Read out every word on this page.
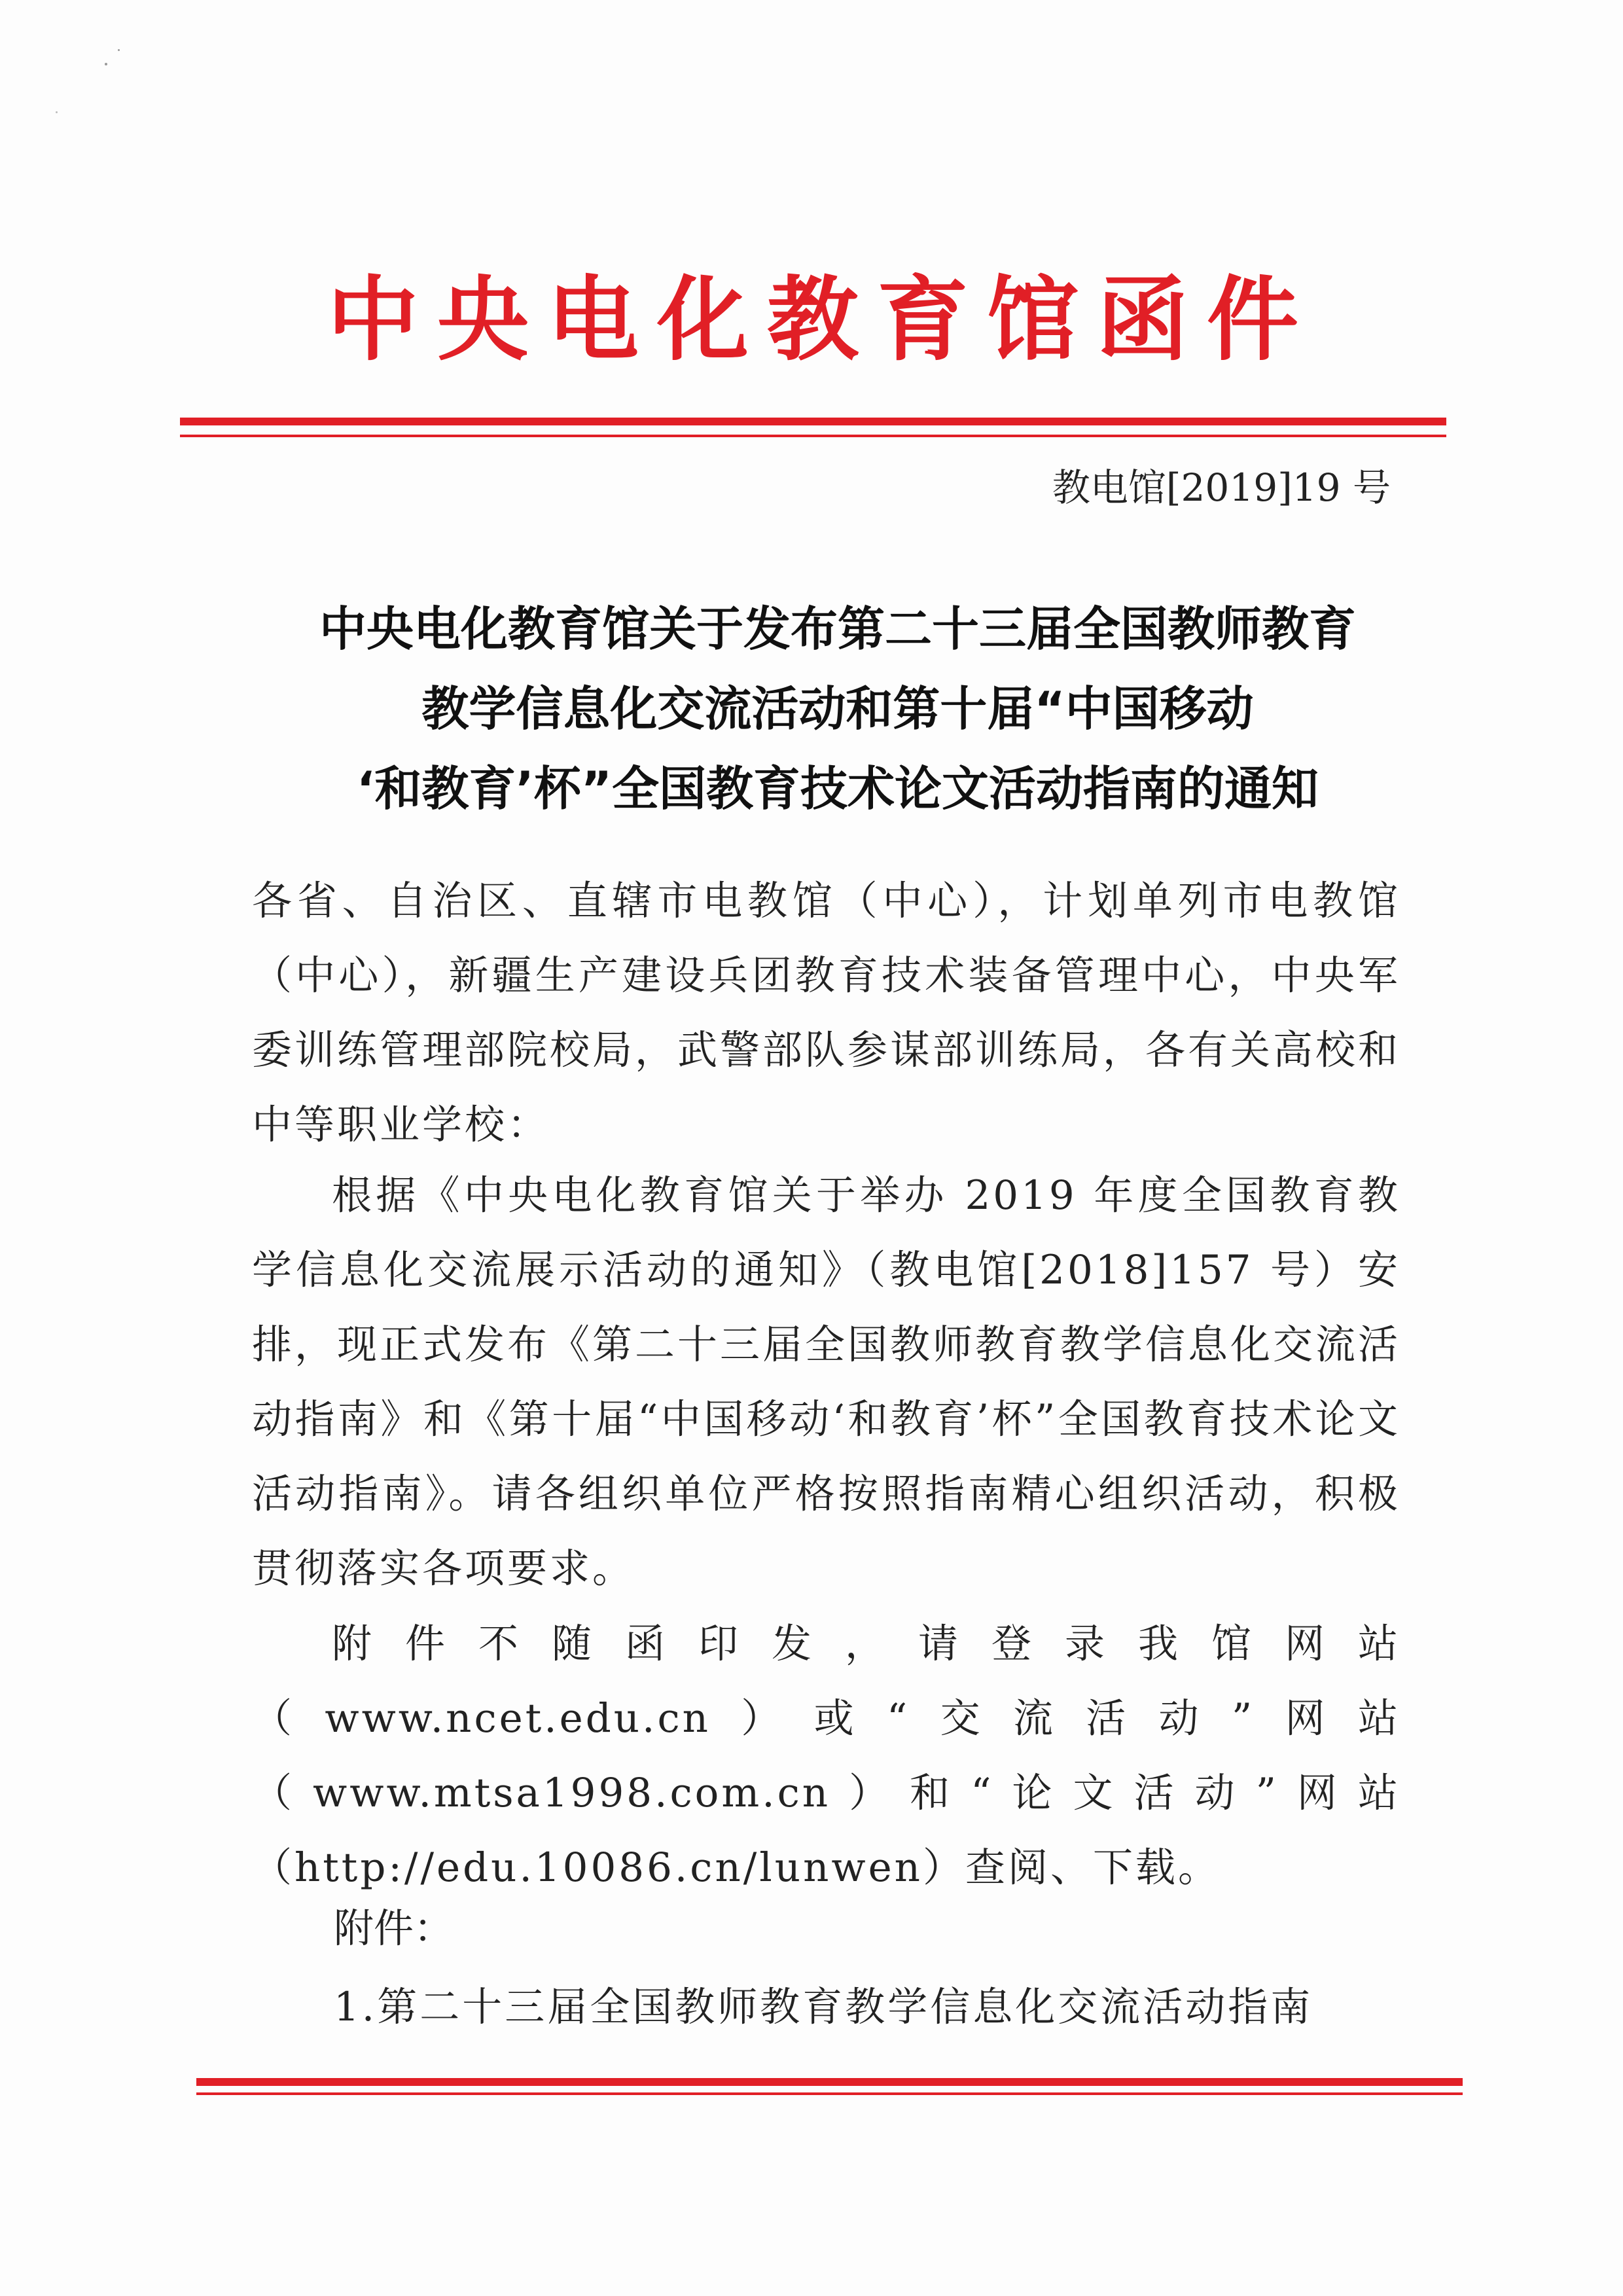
中央电化教育馆函件
教电馆[2019]19 号
中央电化教育馆关于发布第二十三届全国教师教育
教学信息化交流活动和第十届“中国移动
‘和教育’杯”全国教育技术论文活动指南的通知
各省、自治区、直辖市电教馆（中心），计划单列市电教馆（中心），新疆生产建设兵团教育技术装备管理中心，中央军委训练管理部院校局，武警部队参谋部训练局，各有关高校和中等职业学校：
根据《中央电化教育馆关于举办 2019 年度全国教育教学信息化交流展示活动的通知》（教电馆[2018]157 号）安排，现正式发布《第二十三届全国教师教育教学信息化交流活动指南》和《第十届“中国移动‘和教育’杯”全国教育技术论文活动指南》。请各组织单位严格按照指南精心组织活动，积极贯彻落实各项要求。
附件不随函印发，请登录我馆网站（www.ncet.edu.cn）或“交流活动”网站（www.mtsa1998.com.cn）和“论文活动”网站（http://edu.10086.cn/lunwen）查阅、下载。
附件：
1.第二十三届全国教师教育教学信息化交流活动指南
